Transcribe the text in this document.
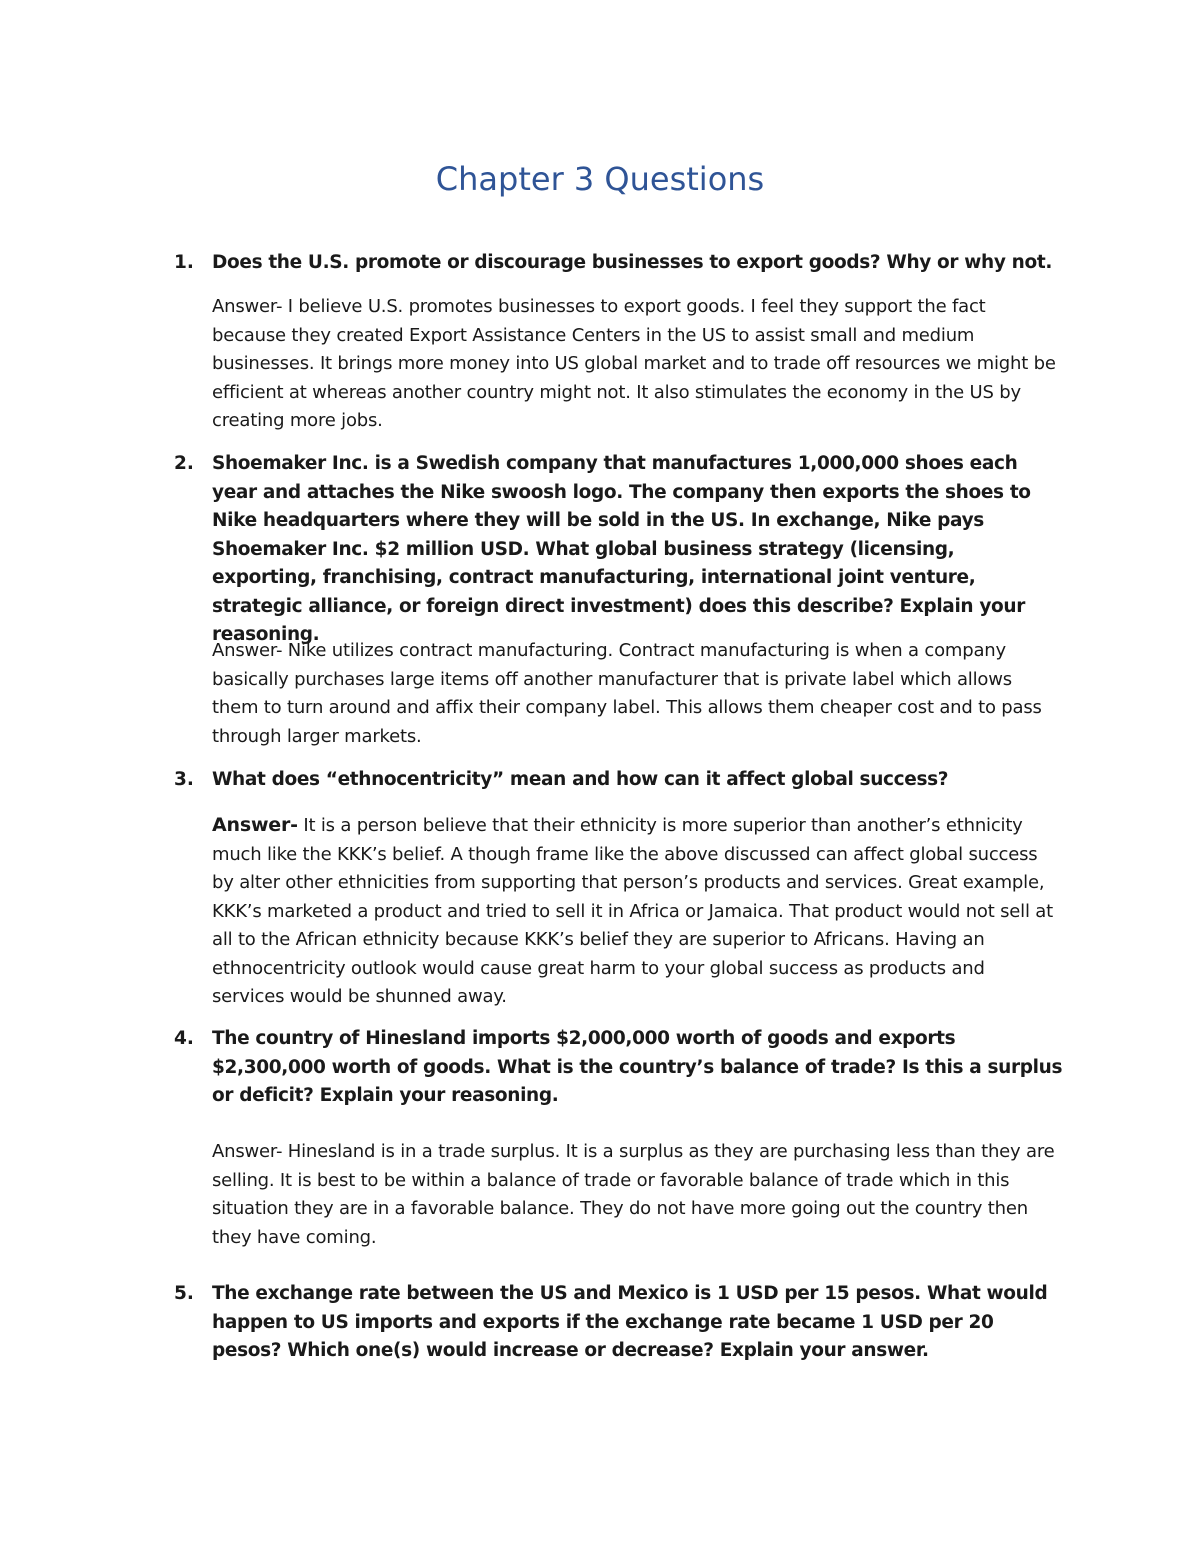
Chapter 3 Questions
1. Does the U.S. promote or discourage businesses to export goods? Why or why not.
Answer- I believe U.S. promotes businesses to export goods. I feel they support the fact because they created Export Assistance Centers in the US to assist small and medium businesses. It brings more money into US global market and to trade off resources we might be efficient at whereas another country might not. It also stimulates the economy in the US by creating more jobs.
2. Shoemaker Inc. is a Swedish company that manufactures 1,000,000 shoes each year and attaches the Nike swoosh logo. The company then exports the shoes to Nike headquarters where they will be sold in the US. In exchange, Nike pays Shoemaker Inc. $2 million USD. What global business strategy (licensing, exporting, franchising, contract manufacturing, international joint venture, strategic alliance, or foreign direct investment) does this describe? Explain your reasoning.
Answer- Nike utilizes contract manufacturing. Contract manufacturing is when a company basically purchases large items off another manufacturer that is private label which allows them to turn around and affix their company label. This allows them cheaper cost and to pass through larger markets.
3. What does “ethnocentricity” mean and how can it affect global success?
Answer- It is a person believe that their ethnicity is more superior than another’s ethnicity much like the KKK’s belief. A though frame like the above discussed can affect global success by alter other ethnicities from supporting that person’s products and services. Great example, KKK’s marketed a product and tried to sell it in Africa or Jamaica. That product would not sell at all to the African ethnicity because KKK’s belief they are superior to Africans. Having an ethnocentricity outlook would cause great harm to your global success as products and services would be shunned away.
4. The country of Hinesland imports $2,000,000 worth of goods and exports $2,300,000 worth of goods. What is the country’s balance of trade? Is this a surplus or deficit? Explain your reasoning.
Answer- Hinesland is in a trade surplus. It is a surplus as they are purchasing less than they are selling. It is best to be within a balance of trade or favorable balance of trade which in this situation they are in a favorable balance. They do not have more going out the country then they have coming.
5. The exchange rate between the US and Mexico is 1 USD per 15 pesos. What would happen to US imports and exports if the exchange rate became 1 USD per 20 pesos? Which one(s) would increase or decrease? Explain your answer.
